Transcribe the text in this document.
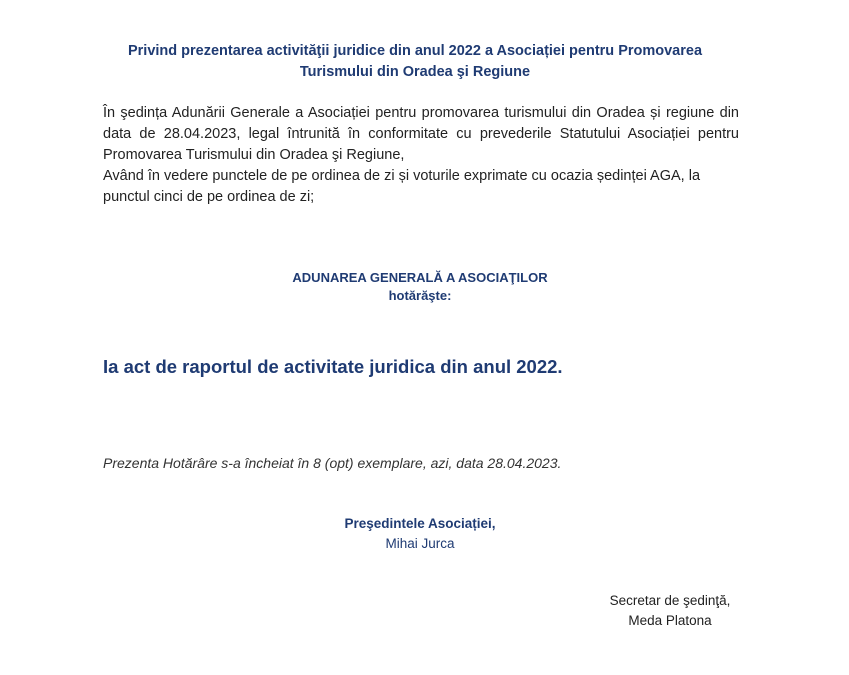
Privind prezentarea activităţii juridice din anul 2022 a Asociației pentru Promovarea
Turismului din Oradea şi Regiune

În şedința Adunării Generale a Asociației pentru promovarea turismului din Oradea și regiune din data de 28.04.2023, legal întrunită în conformitate cu prevederile Statutului Asociației pentru Promovarea Turismului din Oradea şi Regiune,

Având în vedere punctele de pe ordinea de zi și voturile exprimate cu ocazia ședinței AGA, la punctul cinci de pe ordinea de zi;

ADUNAREA GENERALĂ A ASOCIAŢILOR
hotărăşte:
Ia act de raportul de activitate juridica din anul 2022.
Prezenta Hotărâre s-a încheiat în 8 (opt) exemplare, azi, data 28.04.2023.
Preşedintele Asociației,
Mihai Jurca
Secretar de şedinţă,
Meda Platona
